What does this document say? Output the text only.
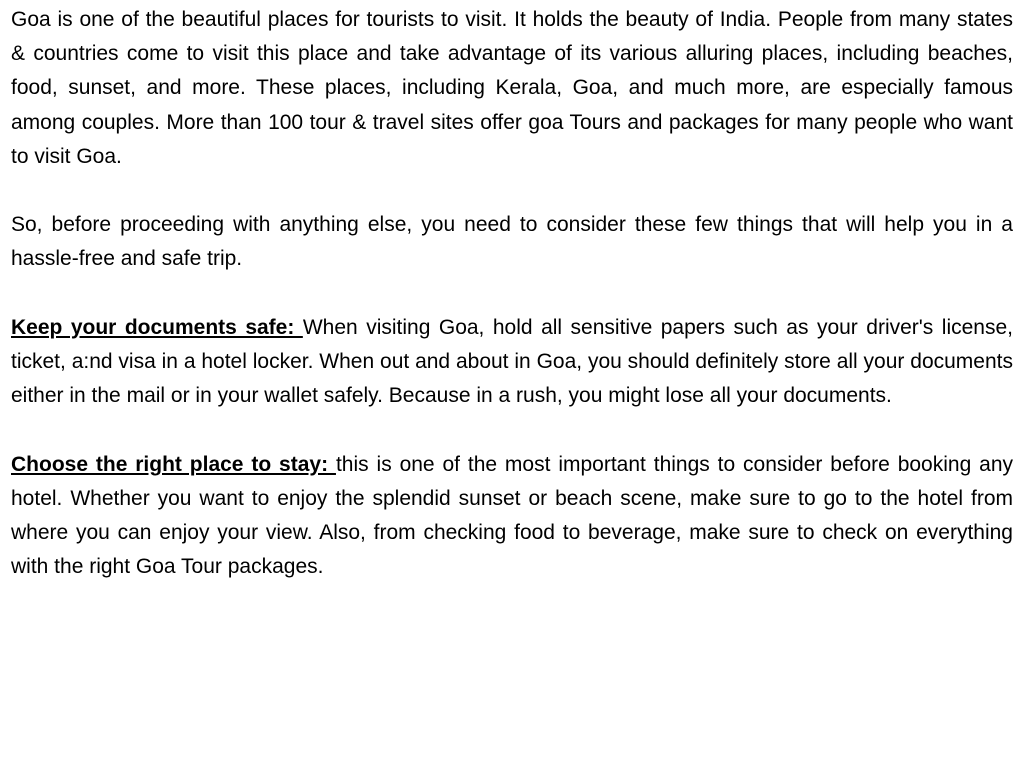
Goa is one of the beautiful places for tourists to visit. It holds the beauty of India. People from many states & countries come to visit this place and take advantage of its various alluring places, including beaches, food, sunset, and more. These places, including Kerala, Goa, and much more, are especially famous among couples. More than 100 tour & travel sites offer goa Tours and packages for many people who want to visit Goa.

So, before proceeding with anything else, you need to consider these few things that will help you in a hassle-free and safe trip.

Keep your documents safe: When visiting Goa, hold all sensitive papers such as your driver's license, ticket, a:nd visa in a hotel locker. When out and about in Goa, you should definitely store all your documents either in the mail or in your wallet safely. Because in a rush, you might lose all your documents.

Choose the right place to stay: this is one of the most important things to consider before booking any hotel. Whether you want to enjoy the splendid sunset or beach scene, make sure to go to the hotel from where you can enjoy your view. Also, from checking food to beverage, make sure to check on everything with the right Goa Tour packages.
